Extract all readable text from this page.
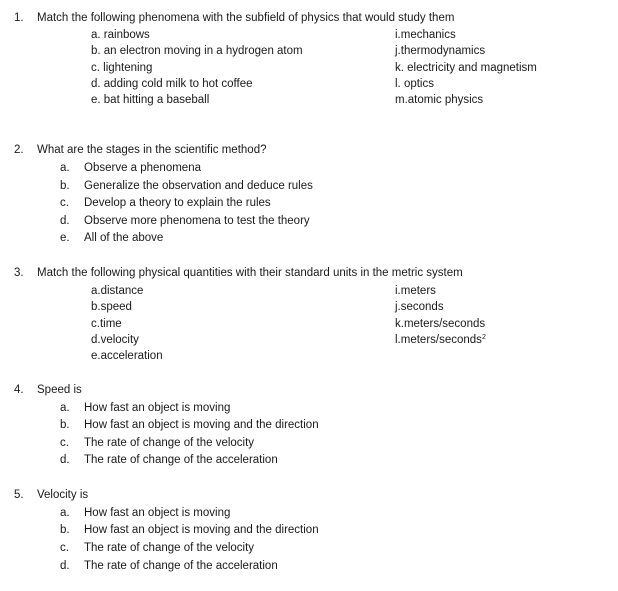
1. Match the following phenomena with the subfield of physics that would study them
a. rainbows
b. an electron moving in a hydrogen atom
c. lightening
d. adding cold milk to hot coffee
e. bat hitting a baseball
i.mechanics
j.thermodynamics
k. electricity and magnetism
l. optics
m.atomic physics
2. What are the stages in the scientific method?
a. Observe a phenomena
b. Generalize the observation and deduce rules
c. Develop a theory to explain the rules
d. Observe more phenomena to test the theory
e. All of the above
3. Match the following physical quantities with their standard units in the metric system
a.distance
b.speed
c.time
d.velocity
e.acceleration
i.meters
j.seconds
k.meters/seconds
l.meters/seconds$^2$
4. Speed is
a. How fast an object is moving
b. How fast an object is moving and the direction
c. The rate of change of the velocity
d. The rate of change of the acceleration
5. Velocity is
a. How fast an object is moving
b. How fast an object is moving and the direction
c. The rate of change of the velocity
d. The rate of change of the acceleration
